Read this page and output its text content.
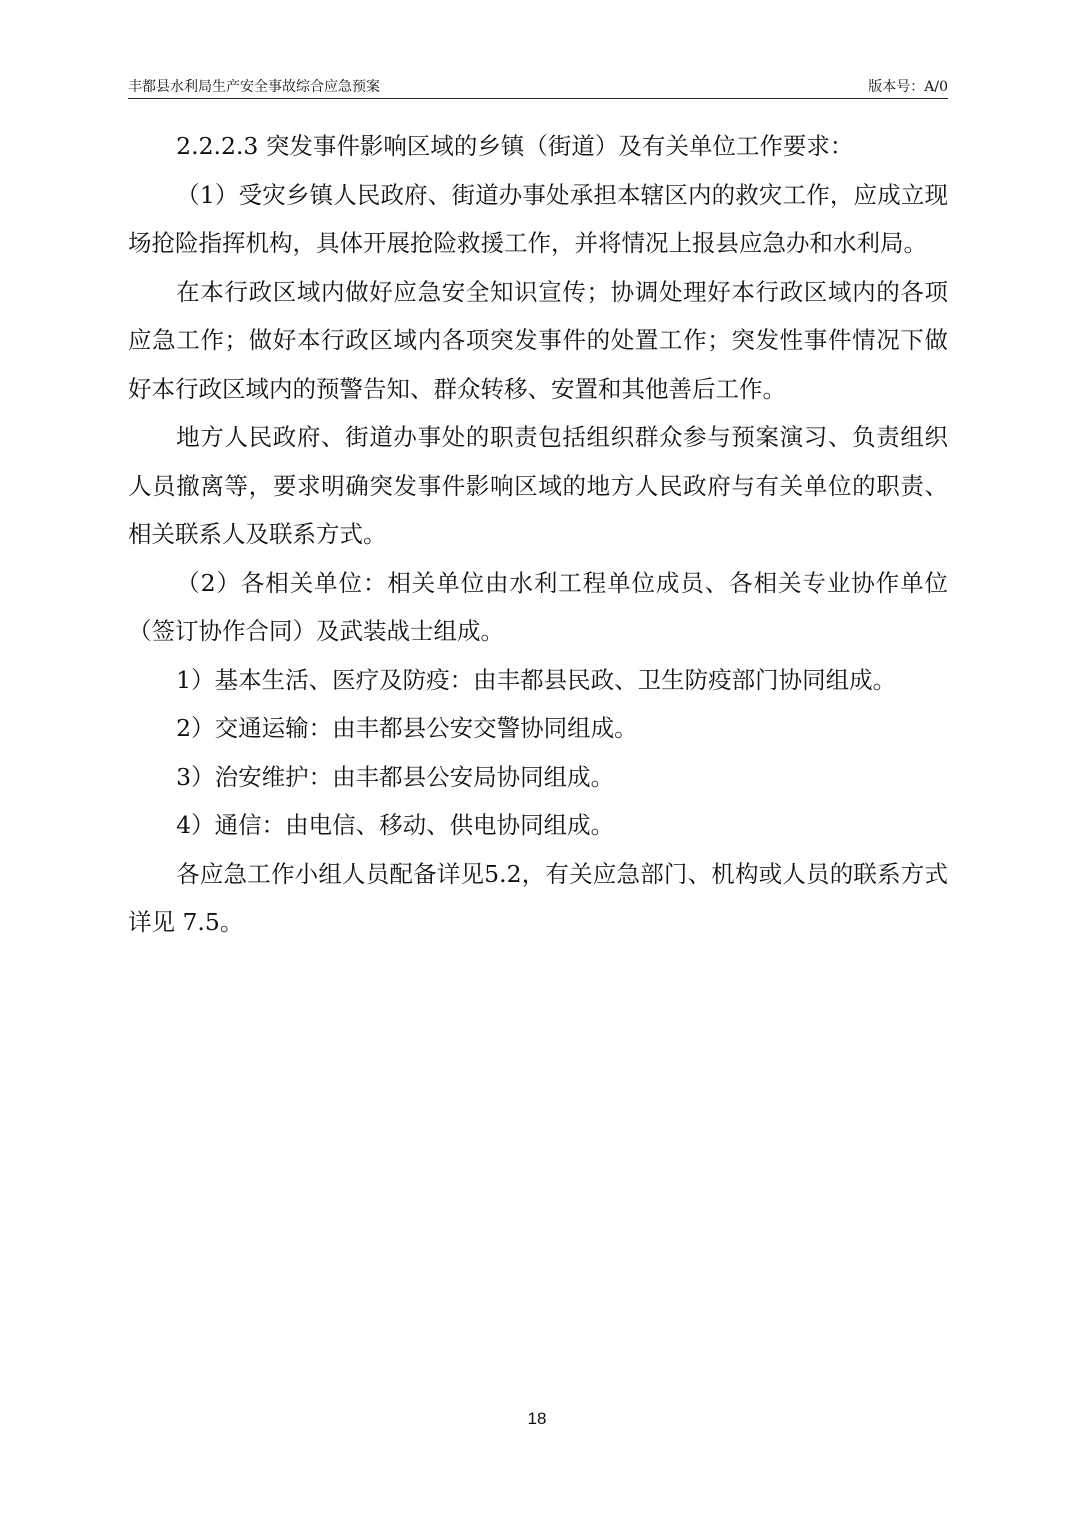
丰都县水利局生产安全事故综合应急预案	版本号：A/0

2.2.2.3 突发事件影响区域的乡镇（街道）及有关单位工作要求：

（1）受灾乡镇人民政府、街道办事处承担本辖区内的救灾工作，应成立现场抢险指挥机构，具体开展抢险救援工作，并将情况上报县应急办和水利局。

在本行政区域内做好应急安全知识宣传；协调处理好本行政区域内的各项应急工作；做好本行政区域内各项突发事件的处置工作；突发性事件情况下做好本行政区域内的预警告知、群众转移、安置和其他善后工作。

地方人民政府、街道办事处的职责包括组织群众参与预案演习、负责组织人员撤离等，要求明确突发事件影响区域的地方人民政府与有关单位的职责、相关联系人及联系方式。

（2）各相关单位：相关单位由水利工程单位成员、各相关专业协作单位（签订协作合同）及武装战士组成。

1）基本生活、医疗及防疫：由丰都县民政、卫生防疫部门协同组成。

2）交通运输：由丰都县公安交警协同组成。

3）治安维护：由丰都县公安局协同组成。

4）通信：由电信、移动、供电协同组成。

各应急工作小组人员配备详见5.2，有关应急部门、机构或人员的联系方式详见 7.5。

18
